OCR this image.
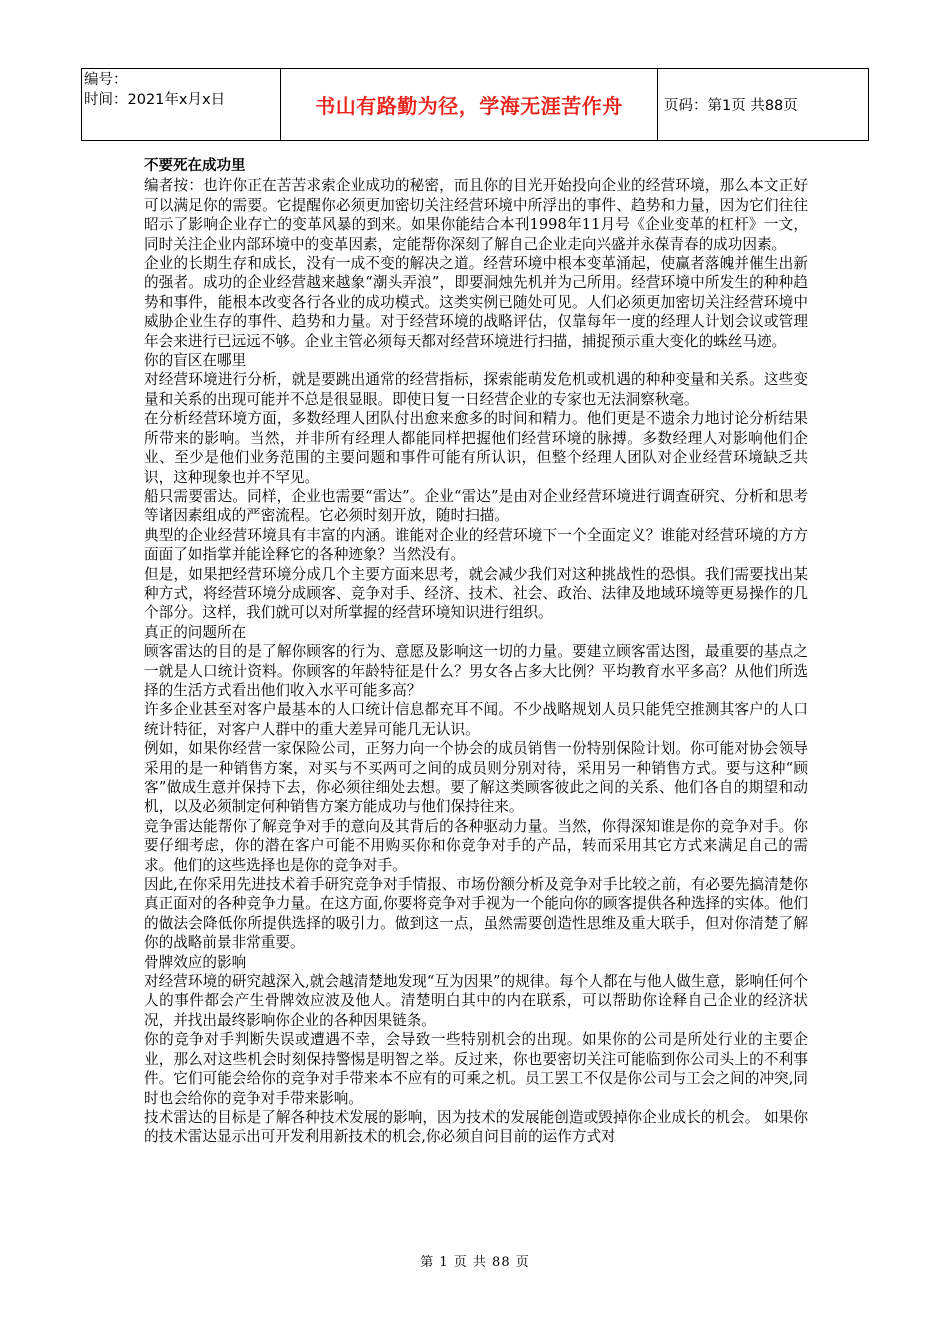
编号：
时间：2021年x月x日	书山有路勤为径，学海无涯苦作舟	页码：第1页 共88页

不要死在成功里

编者按：也许你正在苦苦求索企业成功的秘密，而且你的目光开始投向企业的经营环境，那么本文正好可以满足你的需要。它提醒你必须更加密切关注经营环境中所浮出的事件、趋势和力量，因为它们往往昭示了影响企业存亡的变革风暴的到来。如果你能结合本刊1998年11月号《企业变革的杠杆》一文，同时关注企业内部环境中的变革因素，定能帮你深刻了解自己企业走向兴盛并永葆青春的成功因素。

企业的长期生存和成长，没有一成不变的解决之道。经营环境中根本变革涌起，使赢者落魄并催生出新的强者。成功的企业经营越来越象“潮头弄浪”，即要洞烛先机并为己所用。经营环境中所发生的种种趋势和事件，能根本改变各行各业的成功模式。这类实例已随处可见。人们必须更加密切关注经营环境中威胁企业生存的事件、趋势和力量。对于经营环境的战略评估，仅靠每年一度的经理人计划会议或管理年会来进行已远远不够。企业主管必须每天都对经营环境进行扫描，捕捉预示重大变化的蛛丝马迹。

你的盲区在哪里

对经营环境进行分析，就是要跳出通常的经营指标，探索能萌发危机或机遇的种种变量和关系。这些变量和关系的出现可能并不总是很显眼。即使日复一日经营企业的专家也无法洞察秋毫。

在分析经营环境方面，多数经理人团队付出愈来愈多的时间和精力。他们更是不遗余力地讨论分析结果所带来的影响。当然，并非所有经理人都能同样把握他们经营环境的脉搏。多数经理人对影响他们企业、至少是他们业务范围的主要问题和事件可能有所认识，但整个经理人团队对企业经营环境缺乏共识，这种现象也并不罕见。

船只需要雷达。同样，企业也需要“雷达”。企业“雷达”是由对企业经营环境进行调查研究、分析和思考等诸因素组成的严密流程。它必须时刻开放，随时扫描。

典型的企业经营环境具有丰富的内涵。谁能对企业的经营环境下一个全面定义？谁能对经营环境的方方面面了如指掌并能诠释它的各种迹象？当然没有。

但是，如果把经营环境分成几个主要方面来思考，就会减少我们对这种挑战性的恐惧。我们需要找出某种方式，将经营环境分成顾客、竞争对手、经济、技术、社会、政治、法律及地域环境等更易操作的几个部分。这样，我们就可以对所掌握的经营环境知识进行组织。

真正的问题所在

顾客雷达的目的是了解你顾客的行为、意愿及影响这一切的力量。要建立顾客雷达图，最重要的基点之一就是人口统计资料。你顾客的年龄特征是什么？男女各占多大比例？平均教育水平多高？从他们所选择的生活方式看出他们收入水平可能多高？

许多企业甚至对客户最基本的人口统计信息都充耳不闻。不少战略规划人员只能凭空推测其客户的人口统计特征，对客户人群中的重大差异可能几无认识。

例如，如果你经营一家保险公司，正努力向一个协会的成员销售一份特别保险计划。你可能对协会领导采用的是一种销售方案，对买与不买两可之间的成员则分别对待，采用另一种销售方式。要与这种“顾客”做成生意并保持下去，你必须往细处去想。要了解这类顾客彼此之间的关系、他们各自的期望和动机，以及必须制定何种销售方案方能成功与他们保持往来。

竞争雷达能帮你了解竞争对手的意向及其背后的各种驱动力量。当然，你得深知谁是你的竞争对手。你要仔细考虑，你的潜在客户可能不用购买你和你竞争对手的产品，转而采用其它方式来满足自己的需求。他们的这些选择也是你的竞争对手。

因此,在你采用先进技术着手研究竞争对手情报、市场份额分析及竞争对手比较之前，有必要先搞清楚你真正面对的各种竞争力量。在这方面,你要将竞争对手视为一个能向你的顾客提供各种选择的实体。他们的做法会降低你所提供选择的吸引力。做到这一点，虽然需要创造性思维及重大联手，但对你清楚了解你的战略前景非常重要。

骨牌效应的影响

对经营环境的研究越深入,就会越清楚地发现“互为因果”的规律。每个人都在与他人做生意，影响任何个人的事件都会产生骨牌效应波及他人。清楚明白其中的内在联系，可以帮助你诠释自己企业的经济状况，并找出最终影响你企业的各种因果链条。

你的竞争对手判断失误或遭遇不幸，会导致一些特别机会的出现。如果你的公司是所处行业的主要企业，那么对这些机会时刻保持警惕是明智之举。反过来，你也要密切关注可能临到你公司头上的不利事件。它们可能会给你的竞争对手带来本不应有的可乘之机。员工罢工不仅是你公司与工会之间的冲突,同时也会给你的竞争对手带来影响。

技术雷达的目标是了解各种技术发展的影响，因为技术的发展能创造或毁掉你企业成长的机会。 如果你的技术雷达显示出可开发利用新技术的机会,你必须自问目前的运作方式对

第 1 页 共 88 页
